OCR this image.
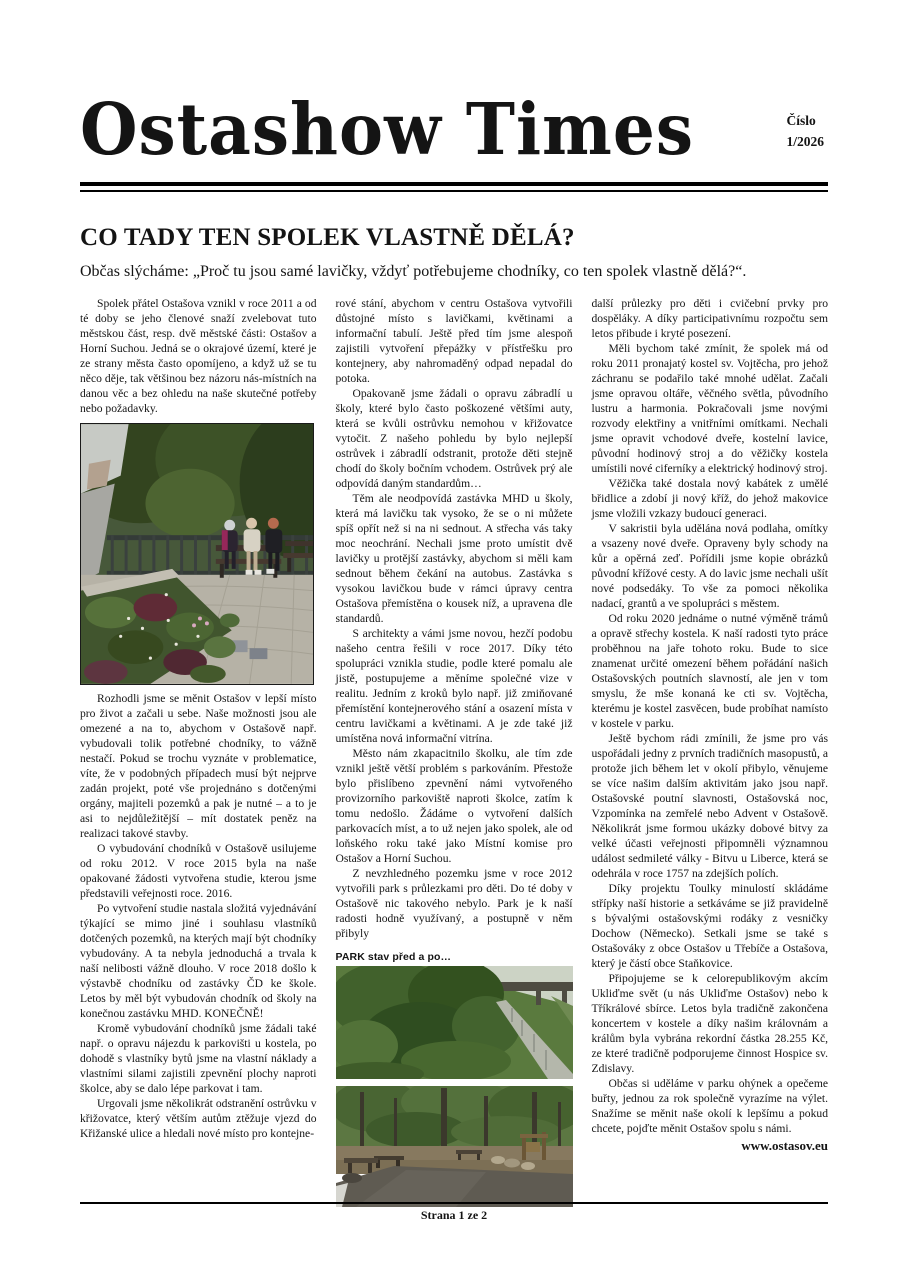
Ostashow Times	Číslo
1/2026
CO TADY TEN SPOLEK VLASTNĚ DĚLÁ?
Občas slýcháme: „Proč tu jsou samé lavičky, vždyť potřebujeme chodníky, co ten spolek vlastně dělá?“.

Spolek přátel Ostašova vznikl v roce 2011 a od té doby se jeho členové snaží zvelebovat tuto městskou část, resp. dvě městské části: Ostašov a Horní Suchou. Jedná se o okrajové území, které je ze strany města často opomíjeno, a když už se tu něco děje, tak většinou bez názoru nás-místních na danou věc a bez ohledu na naše skutečné potřeby nebo požadavky.

Rozhodli jsme se měnit Ostašov v lepší místo pro život a začali u sebe. Naše možnosti jsou ale omezené a na to, abychom v Ostašově např. vybudovali tolik potřebné chodníky, to vážně nestačí. Pokud se trochu vyznáte v problematice, víte, že v podobných případech musí být nejprve zadán projekt, poté vše projednáno s dotčenými orgány, majiteli pozemků a pak je nutné – a to je asi to nejdůležitější – mít dostatek peněz na realizaci takové stavby.

O vybudování chodníků v Ostašově usilujeme od roku 2012. V roce 2015 byla na naše opakované žádosti vytvořena studie, kterou jsme představili veřejnosti roce. 2016.

Po vytvoření studie nastala složitá vyjednávání týkající se mimo jiné i souhlasu vlastníků dotčených pozemků, na kterých mají být chodníky vybudovány. A ta nebyla jednoduchá a trvala k naší nelibosti vážně dlouho. V roce 2018 došlo k výstavbě chodníku od zastávky ČD ke škole. Letos by měl být vybudován chodník od školy na konečnou zastávku MHD. KONEČNĚ!

Kromě vybudování chodníků jsme žádali také např. o opravu nájezdu k parkovišti u kostela, po dohodě s vlastníky bytů jsme na vlastní náklady a vlastními silami zajistili zpevnění plochy naproti školce, aby se dalo lépe parkovat i tam.

Urgovali jsme několikrát odstranění ostrůvku v křižovatce, který větším autům ztěžuje vjezd do Křižanské ulice a hledali nové místo pro kontejne-

rové stání, abychom v centru Ostašova vytvořili důstojné místo s lavičkami, květinami a informační tabulí. Ještě před tím jsme alespoň zajistili vytvoření přepážky v přístřešku pro kontejnery, aby nahromaděný odpad nepadal do potoka.

Opakovaně jsme žádali o opravu zábradlí u školy, které bylo často poškozené většími auty, která se kvůli ostrůvku nemohou v křižovatce vytočit. Z našeho pohledu by bylo nejlepší ostrůvek i zábradlí odstranit, protože děti stejně chodí do školy bočním vchodem. Ostrůvek prý ale odpovídá daným standardům…

Těm ale neodpovídá zastávka MHD u školy, která má lavičku tak vysoko, že se o ni můžete spíš opřít než si na ni sednout. A střecha vás taky moc neochrání. Nechali jsme proto umístit dvě lavičky u protější zastávky, abychom si měli kam sednout během čekání na autobus. Zastávka s vysokou lavičkou bude v rámci úpravy centra Ostašova přemístěna o kousek níž, a upravena dle standardů.

S architekty a vámi jsme novou, hezčí podobu našeho centra řešili v roce 2017. Díky této spolupráci vznikla studie, podle které pomalu ale jistě, postupujeme a měníme společné vize v realitu. Jedním z kroků bylo např. již zmiňované přemístění kontejnerového stání a osazení místa v centru lavičkami a květinami. A je zde také již umístěna nová informační vitrína.

Město nám zkapacitnilo školku, ale tím zde vznikl ještě větší problém s parkováním. Přestože bylo přislíbeno zpevnění námi vytvořeného provizorního parkoviště naproti školce, zatím k tomu nedošlo. Žádáme o vytvoření dalších parkovacích míst, a to už nejen jako spolek, ale od loňského roku také jako Místní komise pro Ostašov a Horní Suchou.

Z nevzhledného pozemku jsme v roce 2012 vytvořili park s průlezkami pro děti. Do té doby v Ostašově nic takového nebylo. Park je k naší radosti hodně využívaný, a postupně v něm přibyly

PARK stav před a po…

další průlezky pro děti i cvičební prvky pro dospěláky. A díky participativnímu rozpočtu sem letos přibude i kryté posezení.

Měli bychom také zmínit, že spolek má od roku 2011 pronajatý kostel sv. Vojtěcha, pro jehož záchranu se podařilo také mnohé udělat. Začali jsme opravou oltáře, věčného světla, původního lustru a harmonia. Pokračovali jsme novými rozvody elektřiny a vnitřními omítkami. Nechali jsme opravit vchodové dveře, kostelní lavice, původní hodinový stroj a do věžičky kostela umístili nové ciferníky a elektrický hodinový stroj.

Věžička také dostala nový kabátek z umělé břidlice a zdobí ji nový kříž, do jehož makovice jsme vložili vzkazy budoucí generaci.

V sakristii byla udělána nová podlaha, omítky a vsazeny nové dveře. Opraveny byly schody na kůr a opěrná zeď. Pořídili jsme kopie obrázků původní křížové cesty. A do lavic jsme nechali ušít nové podsedáky. To vše za pomoci několika nadací, grantů a ve spolupráci s městem.

Od roku 2020 jednáme o nutné výměně trámů a opravě střechy kostela. K naší radosti tyto práce proběhnou na jaře tohoto roku. Bude to sice znamenat určité omezení během pořádání našich Ostašovských poutních slavností, ale jen v tom smyslu, že mše konaná ke cti sv. Vojtěcha, kterému je kostel zasvěcen, bude probíhat namísto v kostele v parku.

Ještě bychom rádi zmínili, že jsme pro vás uspořádali jedny z prvních tradičních masopustů, a protože jich během let v okolí přibylo, věnujeme se více našim dalším aktivitám jako jsou např. Ostašovské poutní slavnosti, Ostašovská noc, Vzpomínka na zemřelé nebo Advent v Ostašově. Několikrát jsme formou ukázky dobové bitvy za velké účasti veřejnosti připomněli významnou událost sedmileté války - Bitvu u Liberce, která se odehrála v roce 1757 na zdejších polích.

Díky projektu Toulky minulostí skládáme střípky naší historie a setkáváme se již pravidelně s bývalými ostašovskými rodáky z vesničky Dochow (Německo). Setkali jsme se také s Ostašováky z obce Ostašov u Třebíče a Ostašova, který je částí obce Staňkovice.

Připojujeme se k celorepublikovým akcím Ukliďme svět (u nás Ukliďme Ostašov) nebo k Tříkrálové sbírce. Letos byla tradičně zakončena koncertem v kostele a díky našim královnám a králům byla vybrána rekordní částka 28.255 Kč, ze které tradičně podporujeme činnost Hospice sv. Zdislavy.

Občas si uděláme v parku ohýnek a opečeme buřty, jednou za rok společně vyrazíme na výlet. Snažíme se měnit naše okolí k lepšímu a pokud chcete, pojďte měnit Ostašov spolu s námi.

www.ostasov.eu
Strana 1 ze 2
